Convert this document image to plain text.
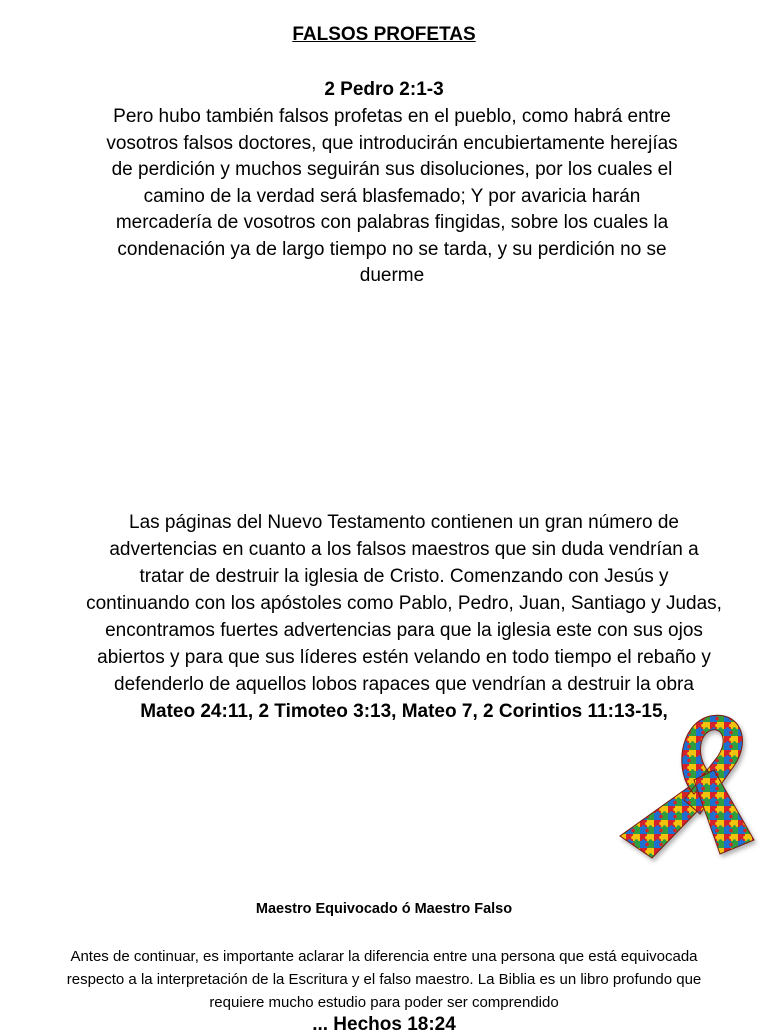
FALSOS PROFETAS
2 Pedro 2:1-3

Pero hubo también falsos profetas en el pueblo, como habrá entre vosotros falsos doctores, que introducirán encubiertamente herejías de perdición y muchos seguirán sus disoluciones, por los cuales el camino de la verdad será blasfemado; Y por avaricia harán mercadería de vosotros con palabras fingidas, sobre los cuales la condenación ya de largo tiempo no se tarda, y su perdición no se duerme

Las páginas del Nuevo Testamento contienen un gran número de advertencias en cuanto a los falsos maestros que sin duda vendrían a tratar de destruir la iglesia de Cristo. Comenzando con Jesús y continuando con los apóstoles como Pablo, Pedro, Juan, Santiago y Judas, encontramos fuertes advertencias para que la iglesia este con sus ojos abiertos y para que sus líderes estén velando en todo tiempo el rebaño y defenderlo de aquellos lobos rapaces que vendrían a destruir la obra Mateo 24:11, 2 Timoteo 3:13, Mateo 7, 2 Corintios 11:13-15,

Maestro Equivocado ó Maestro Falso

Antes de continuar, es importante aclarar la diferencia entre una persona que está equivocada respecto a la interpretación de la Escritura y el falso maestro. La Biblia es un libro profundo que requiere mucho estudio para poder ser comprendido

... Hechos 18:24
